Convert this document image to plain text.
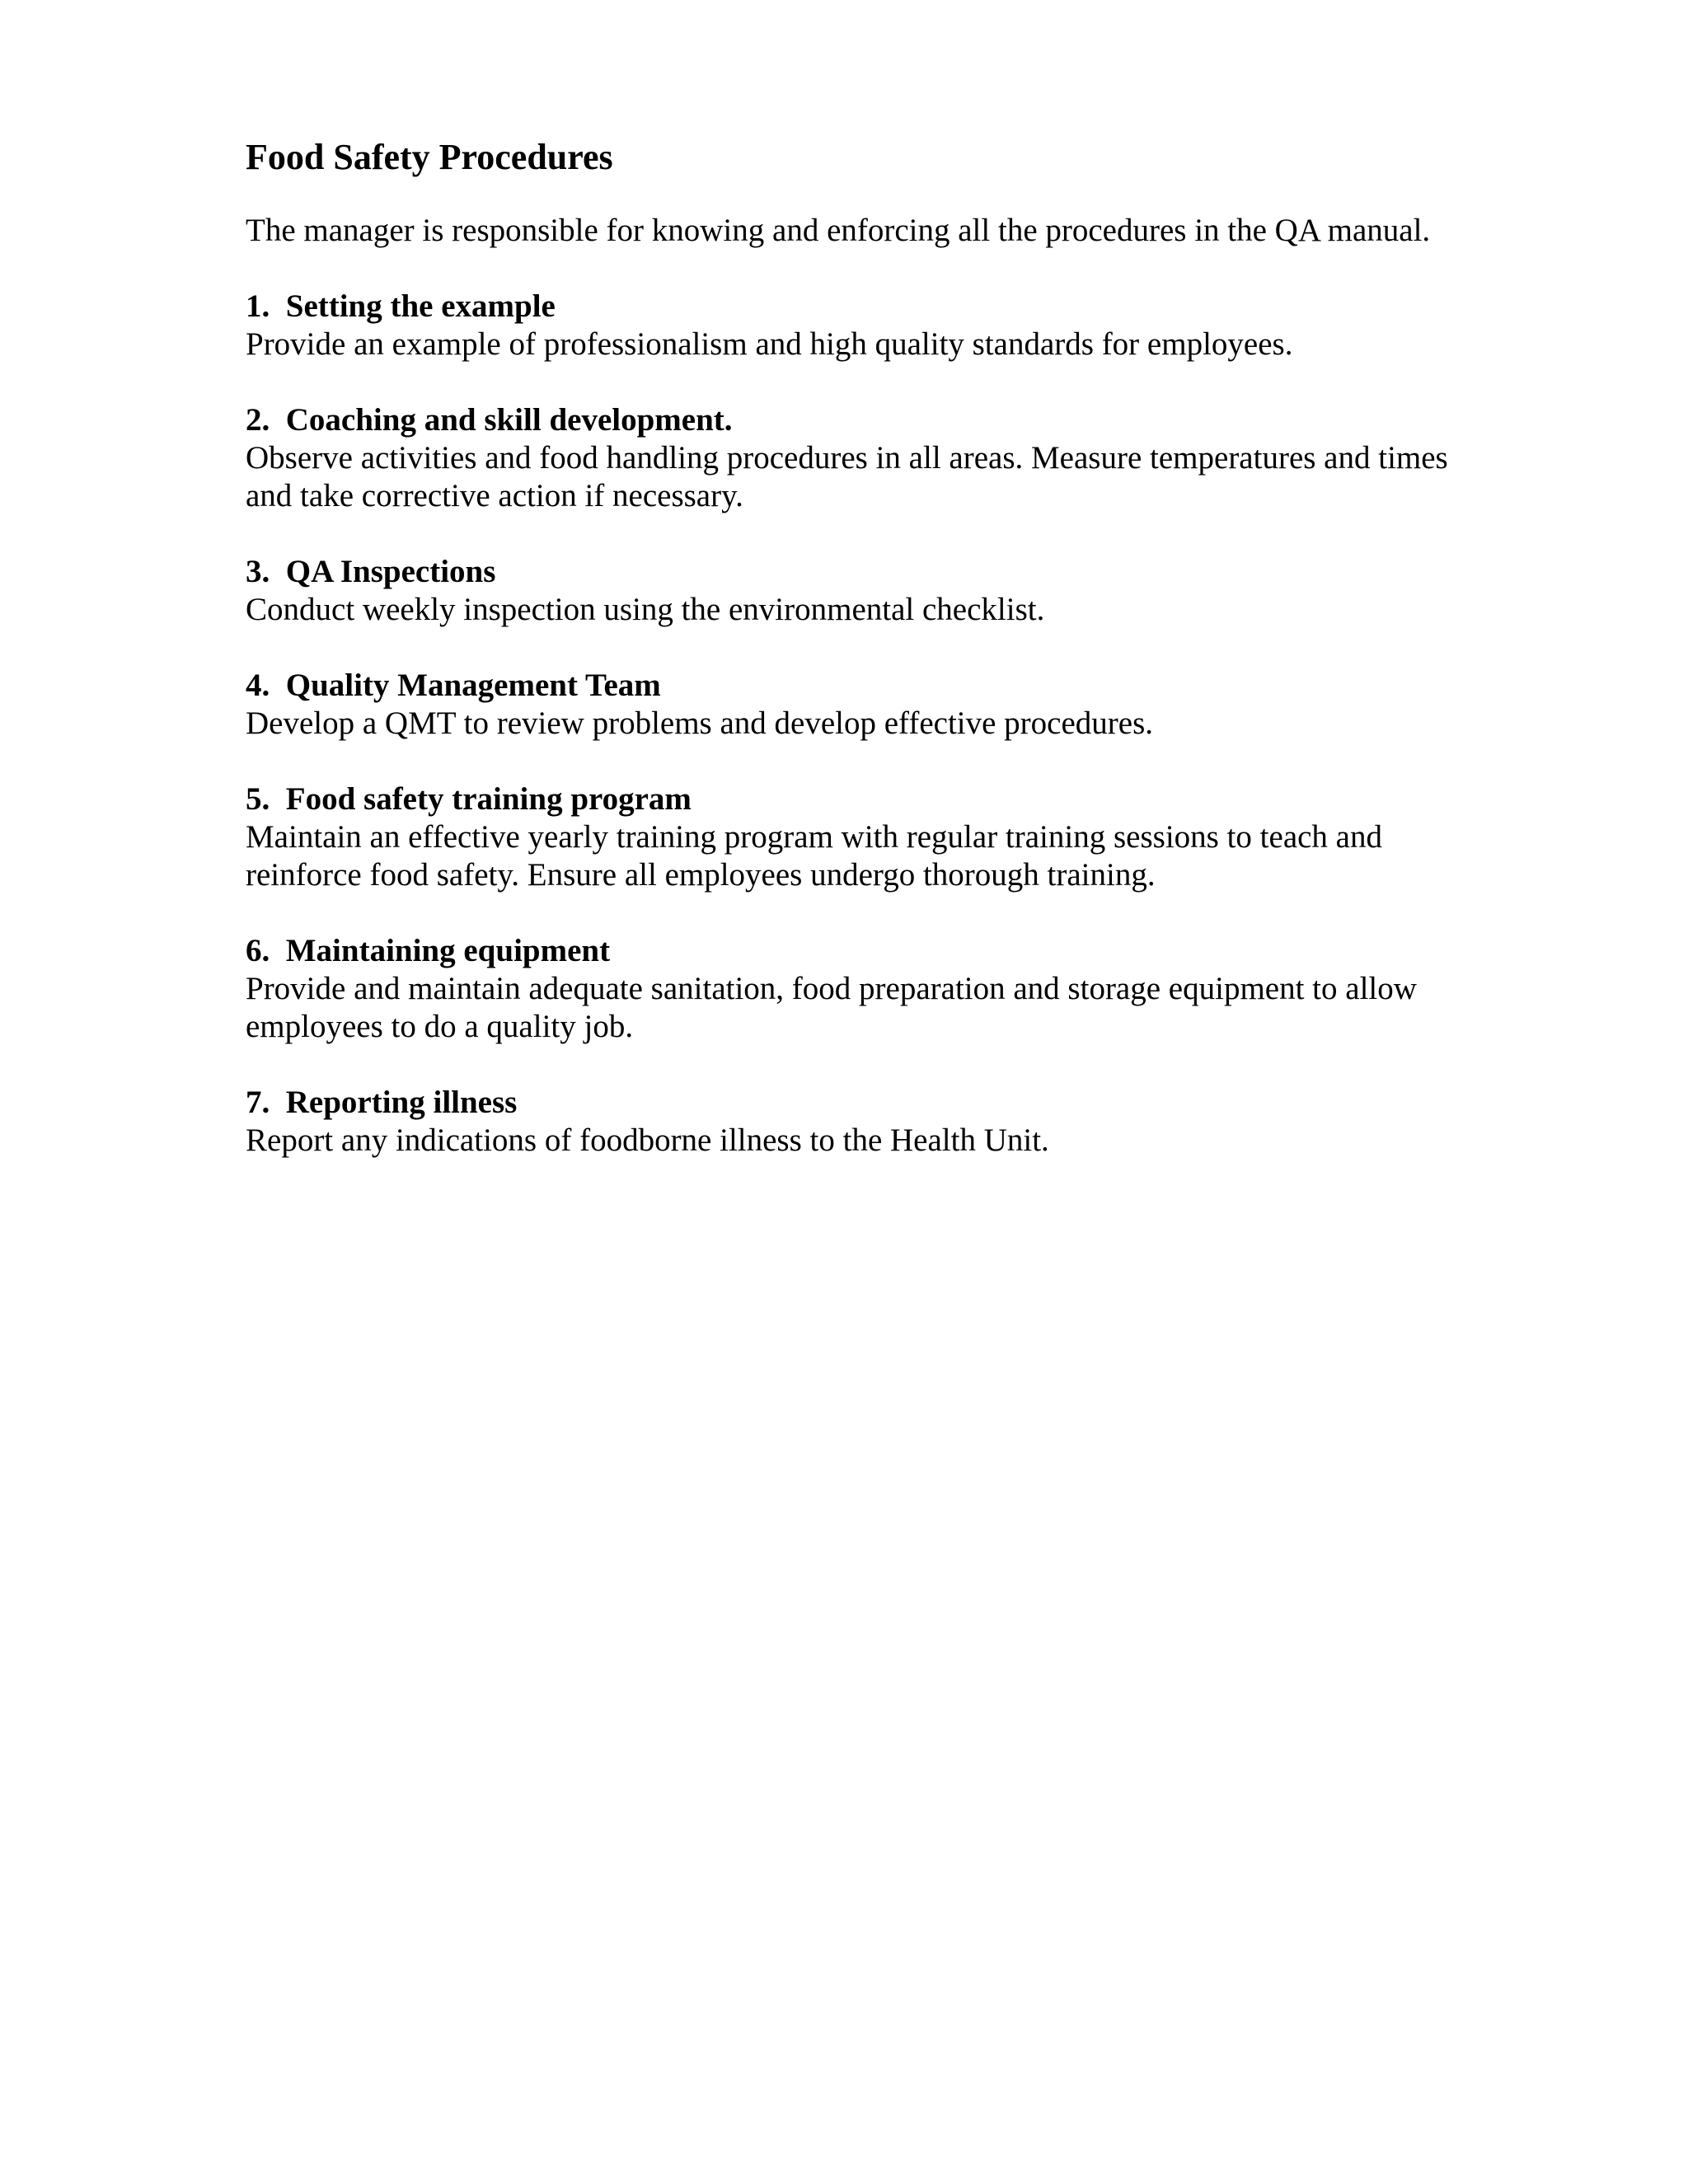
Food Safety Procedures

The manager is responsible for knowing and enforcing all the procedures in the QA manual.

1.  Setting the example

Provide an example of professionalism and high quality standards for employees.

2.  Coaching and skill development.

Observe activities and food handling procedures in all areas. Measure temperatures and times and take corrective action if necessary.

3.  QA Inspections

Conduct weekly inspection using the environmental checklist.

4.  Quality Management Team

Develop a QMT to review problems and develop effective procedures.

5.  Food safety training program

Maintain an effective yearly training program with regular training sessions to teach and reinforce food safety. Ensure all employees undergo thorough training.

6.  Maintaining equipment

Provide and maintain adequate sanitation, food preparation and storage equipment to allow employees to do a quality job.

7.  Reporting illness

Report any indications of foodborne illness to the Health Unit.
